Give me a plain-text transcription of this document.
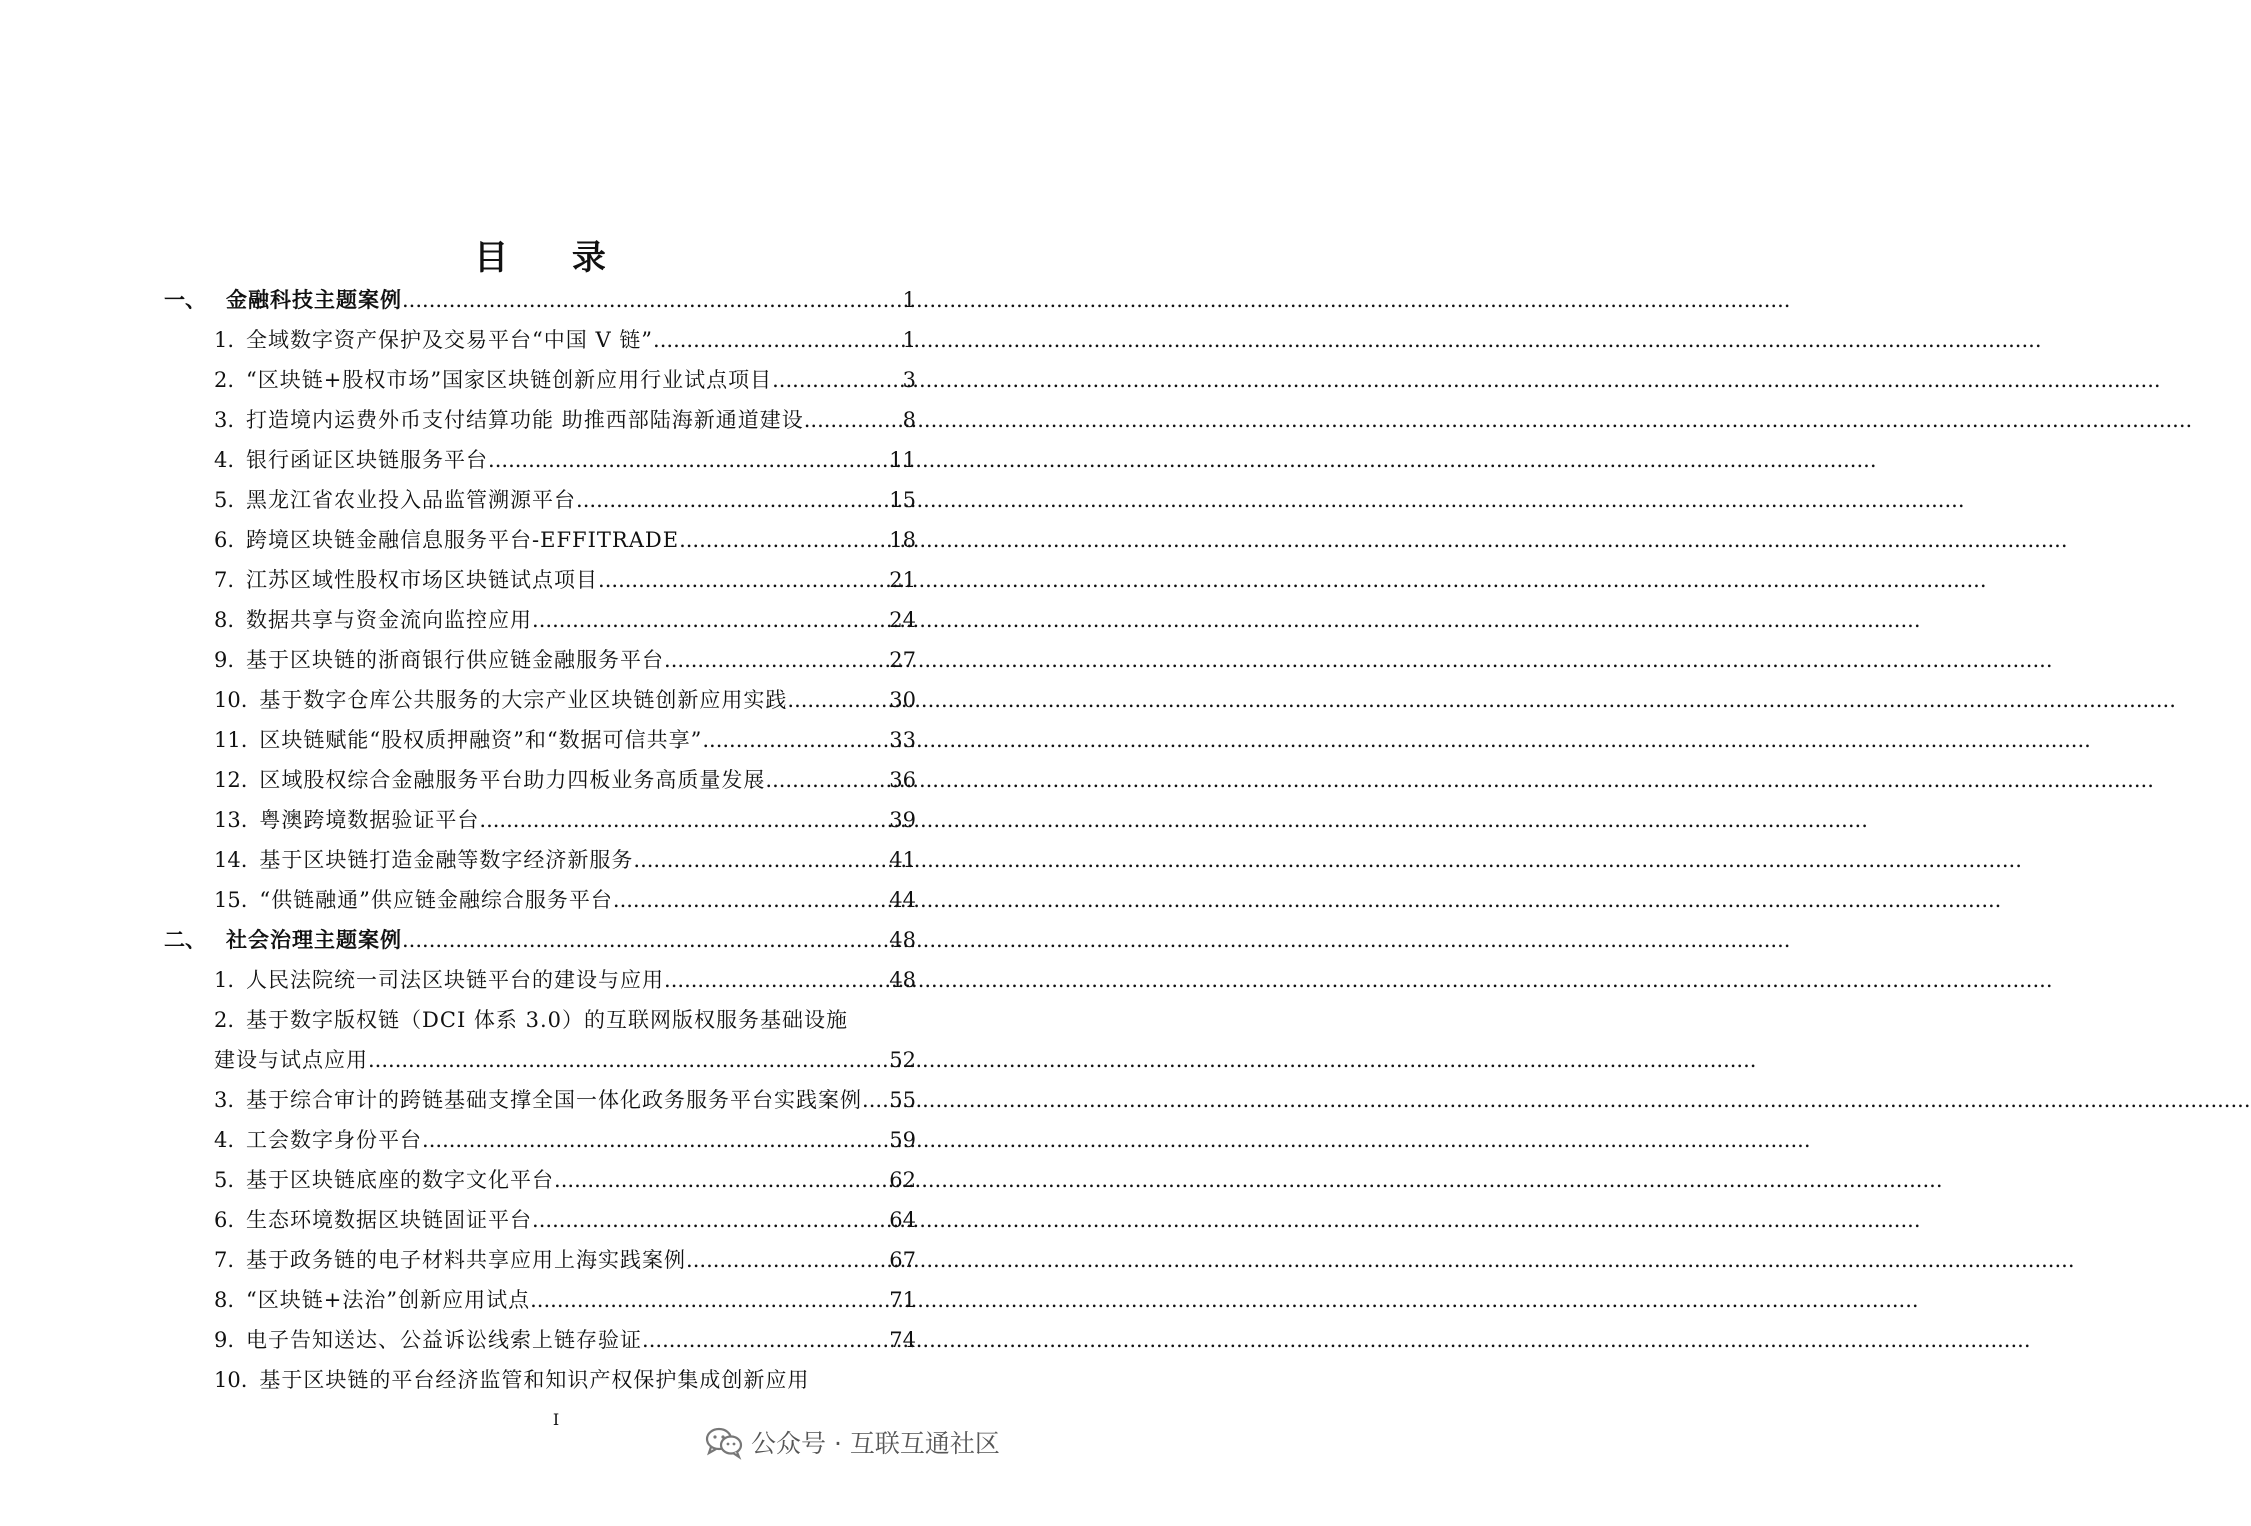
目 录
一、 金融科技主题案例 .....	1
1. 全域数字资产保护及交易平台“中国 V 链” .....	1
2. “区块链+股权市场”国家区块链创新应用行业试点项目 .....	3
3. 打造境内运费外币支付结算功能 助推西部陆海新通道建设 .....	8
4. 银行函证区块链服务平台 .....	11
5. 黑龙江省农业投入品监管溯源平台 .....	15
6. 跨境区块链金融信息服务平台-EFFITRADE .....	18
7. 江苏区域性股权市场区块链试点项目 .....	21
8. 数据共享与资金流向监控应用 .....	24
9. 基于区块链的浙商银行供应链金融服务平台 .....	27
10. 基于数字仓库公共服务的大宗产业区块链创新应用实践 .....	30
11. 区块链赋能“股权质押融资”和“数据可信共享” .....	33
12. 区域股权综合金融服务平台助力四板业务高质量发展 .....	36
13. 粤澳跨境数据验证平台 .....	39
14. 基于区块链打造金融等数字经济新服务 .....	41
15. “供链融通”供应链金融综合服务平台 .....	44
二、 社会治理主题案例 .....	48
1. 人民法院统一司法区块链平台的建设与应用 .....	48
2. 基于数字版权链（DCI 体系 3.0）的互联网版权服务基础设施
建设与试点应用 .....	52
3. 基于综合审计的跨链基础支撑全国一体化政务服务平台实践案例 ..... 55
4. 工会数字身份平台 .....	59
5. 基于区块链底座的数字文化平台 .....	62
6. 生态环境数据区块链固证平台 .....	64
7. 基于政务链的电子材料共享应用上海实践案例 .....	67
8. “区块链+法治”创新应用试点 .....	71
9. 电子告知送达、公益诉讼线索上链存验证 .....	74
10. 基于区块链的平台经济监管和知识产权保护集成创新应用
I
公众号 · 互联互通社区
